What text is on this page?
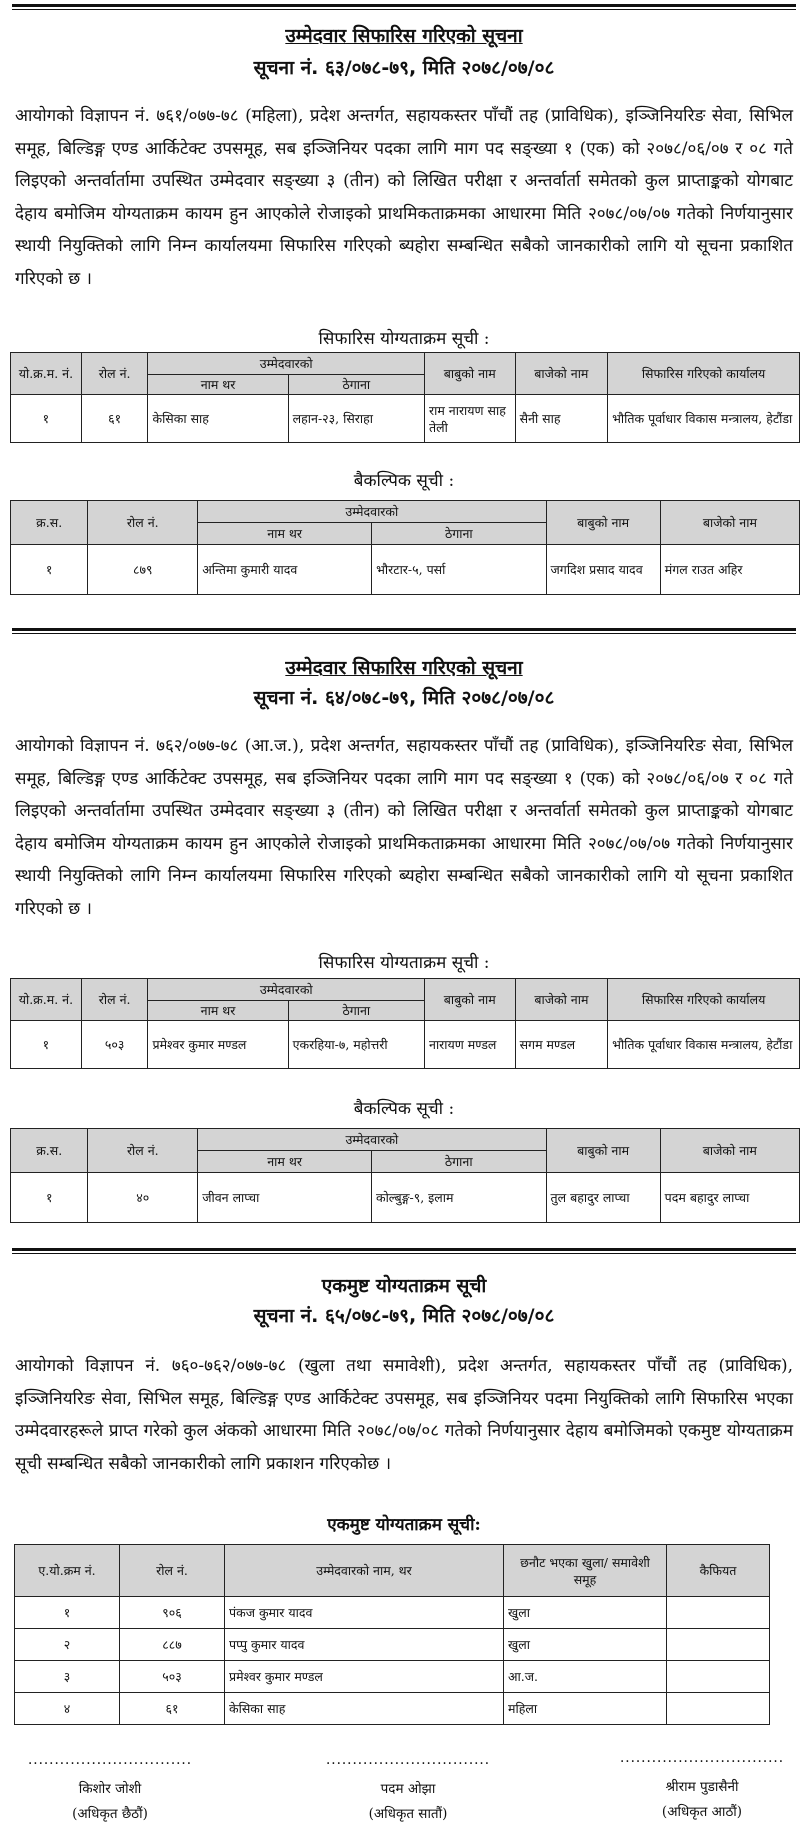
उम्मेदवार सिफारिस गरिएको सूचना
सूचना नं. ६३/०७८-७९, मिति २०७८/०७/०८
आयोगको विज्ञापन नं. ७६१/०७७-७८ (महिला), प्रदेश अन्तर्गत, सहायकस्तर पाँचौं तह (प्राविधिक), इञ्जिनियरिङ सेवा, सिभिल समूह, बिल्डिङ्ग एण्ड आर्किटेक्ट उपसमूह, सब इञ्जिनियर पदका लागि माग पद सङ्ख्या १ (एक) को २०७८/०६/०७ र ०८ गते लिइएको अन्तर्वार्तामा उपस्थित उम्मेदवार सङ्ख्या ३ (तीन) को लिखित परीक्षा र अन्तर्वार्ता समेतको कुल प्राप्ताङ्कको योगबाट देहाय बमोजिम योग्यताक्रम कायम हुन आएकोले रोजाइको प्राथमिकताक्रमका आधारमा मिति २०७८/०७/०७ गतेको निर्णयानुसार स्थायी नियुक्तिको लागि निम्न कार्यालयमा सिफारिस गरिएको ब्यहोरा सम्बन्धित सबैको जानकारीको लागि यो सूचना प्रकाशित गरिएको छ ।
सिफारिस योग्यताक्रम सूची :
यो.क्र.म. नं.	रोल नं.	उम्मेदवारको		बाबुको नाम	बाजेको नाम	सिफारिस गरिएको कार्यालय
		नाम थर	ठेगाना			
१	६१	केसिका साह	लहान-२३, सिराहा	राम नारायण साह तेली	सैनी साह	भौतिक पूर्वाधार विकास मन्त्रालय, हेटौंडा
बैकल्पिक सूची :
क्र.स.	रोल नं.	उम्मेदवारको		बाबुको नाम	बाजेको नाम
		नाम थर	ठेगाना		
१	८७९	अन्तिमा कुमारी यादव	भौरटार-५, पर्सा	जगदिश प्रसाद यादव	मंगल राउत अहिर
उम्मेदवार सिफारिस गरिएको सूचना
सूचना नं. ६४/०७८-७९, मिति २०७८/०७/०८
आयोगको विज्ञापन नं. ७६२/०७७-७८ (आ.ज.), प्रदेश अन्तर्गत, सहायकस्तर पाँचौं तह (प्राविधिक), इञ्जिनियरिङ सेवा, सिभिल समूह, बिल्डिङ्ग एण्ड आर्किटेक्ट उपसमूह, सब इञ्जिनियर पदका लागि माग पद सङ्ख्या १ (एक) को २०७८/०६/०७ र ०८ गते लिइएको अन्तर्वार्तामा उपस्थित उम्मेदवार सङ्ख्या ३ (तीन) को लिखित परीक्षा र अन्तर्वार्ता समेतको कुल प्राप्ताङ्कको योगबाट देहाय बमोजिम योग्यताक्रम कायम हुन आएकोले रोजाइको प्राथमिकताक्रमका आधारमा मिति २०७८/०७/०७ गतेको निर्णयानुसार स्थायी नियुक्तिको लागि निम्न कार्यालयमा सिफारिस गरिएको ब्यहोरा सम्बन्धित सबैको जानकारीको लागि यो सूचना प्रकाशित गरिएको छ ।
सिफारिस योग्यताक्रम सूची :
यो.क्र.म. नं.	रोल नं.	उम्मेदवारको		बाबुको नाम	बाजेको नाम	सिफारिस गरिएको कार्यालय
		नाम थर	ठेगाना			
१	५०३	प्रमेश्वर कुमार मण्डल	एकरहिया-७, महोत्तरी	नारायण मण्डल	सगम मण्डल	भौतिक पूर्वाधार विकास मन्त्रालय, हेटौंडा
बैकल्पिक सूची :
क्र.स.	रोल नं.	उम्मेदवारको		बाबुको नाम	बाजेको नाम
		नाम थर	ठेगाना		
१	४०	जीवन लाप्चा	कोल्बुङ्ग-९, इलाम	तुल बहादुर लाप्चा	पदम बहादुर लाप्चा
एकमुष्ट योग्यताक्रम सूची
सूचना नं. ६५/०७८-७९, मिति २०७८/०७/०८
आयोगको विज्ञापन नं. ७६०-७६२/०७७-७८ (खुला तथा समावेशी), प्रदेश अन्तर्गत, सहायकस्तर पाँचौं तह (प्राविधिक), इञ्जिनियरिङ सेवा, सिभिल समूह, बिल्डिङ्ग एण्ड आर्किटेक्ट उपसमूह, सब इञ्जिनियर पदमा नियुक्तिको लागि सिफारिस भएका उम्मेदवारहरूले प्राप्त गरेको कुल अंकको आधारमा मिति २०७८/०७/०८ गतेको निर्णयानुसार देहाय बमोजिमको एकमुष्ट योग्यताक्रम सूची सम्बन्धित सबैको जानकारीको लागि प्रकाशन गरिएकोछ ।
एकमुष्ट योग्यताक्रम सूची:
ए.यो.क्रम नं.	रोल नं.	उम्मेदवारको नाम, थर	छनौट भएका खुला/ समावेशी समूह	कैफियत
१	९०६	पंकज कुमार यादव	खुला	
२	८८७	पप्पु कुमार यादव	खुला	
३	५०३	प्रमेश्वर कुमार मण्डल	आ.ज.	
४	६१	केसिका साह	महिला	
...............................
किशोर जोशी
(अधिकृत छैठौं)
...............................
पदम ओझा
(अधिकृत सातौं)
...............................
श्रीराम पुडासैनी
(अधिकृत आठौं)
